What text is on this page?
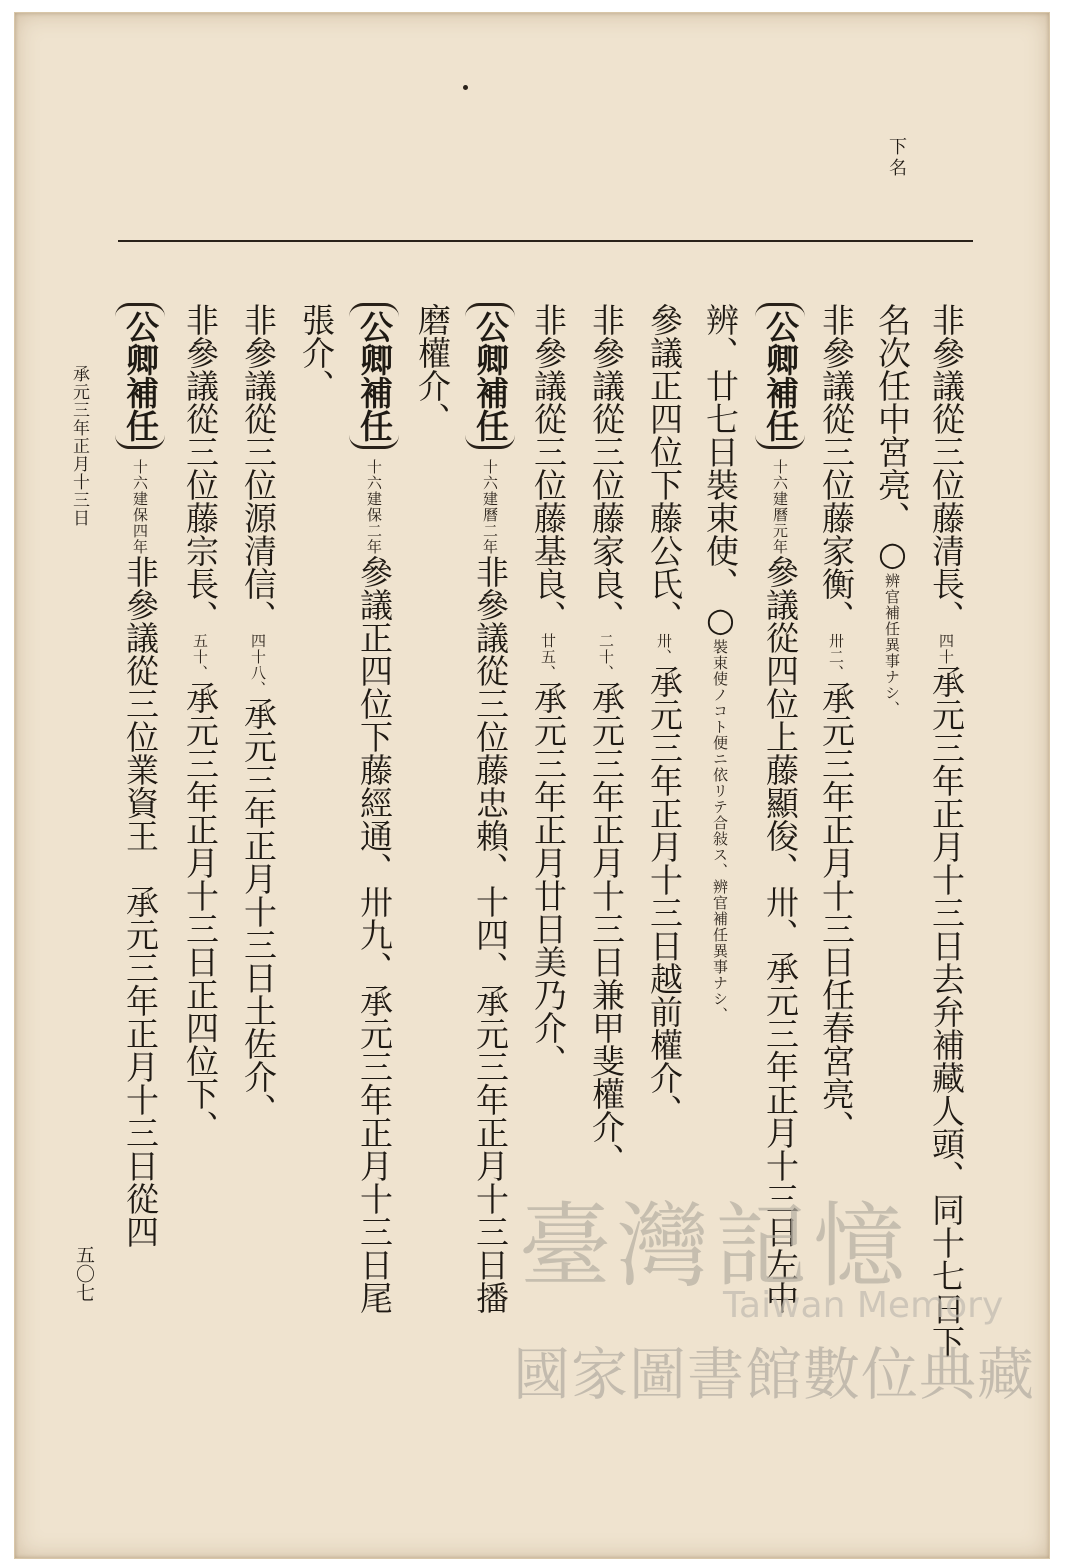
下名
非參議從三位藤清長、四十承元三年正月十三日去弁補藏人頭、同十七日下
名次任中宮亮、○辨官補任異事ナシ、
非參議從三位藤家衡、卅二、承元三年正月十三日任春宮亮、
公卿補任十六建曆元年參議從四位上藤顯俊、卅、承元三年正月十三日左中
辨、廿七日裝束使、○裝束使ノコト便ニ依リテ合敍ス、辨官補任異事ナシ、
參議正四位下藤公氏、卅、承元三年正月十三日越前權介、
非參議從三位藤家良、二十、承元三年正月十三日兼甲斐權介、
非參議從三位藤基良、廿五、承元三年正月廿日美乃介、
公卿補任十六建曆二年非參議從三位藤忠賴、十四、承元三年正月十三日播
磨權介、
公卿補任十六建保二年參議正四位下藤經通、卅九、承元三年正月十三日尾
張介、
非參議從三位源清信、四十八、承元三年正月十三日土佐介、
非參議從三位藤宗長、五十、承元三年正月十三日正四位下、
公卿補任十六建保四年非參議從三位業資王　承元三年正月十三日從四
承元三年正月十三日
五〇七	臺灣記憶
Taiwan Memory
國家圖書館數位典藏
